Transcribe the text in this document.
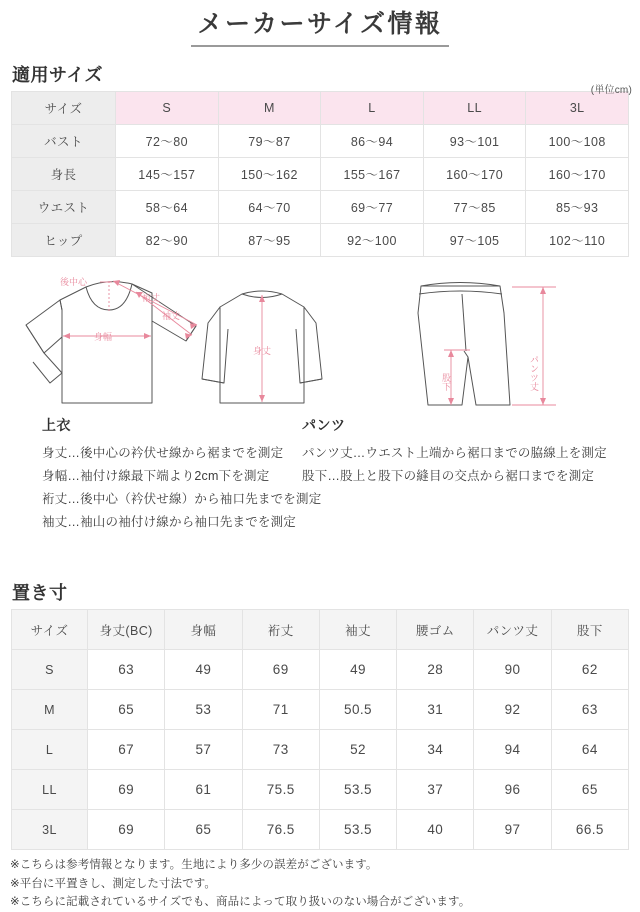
メーカーサイズ情報
適用サイズ
(単位cm)
サイズ	S	M	L	LL	3L
バスト	72〜80	79〜87	86〜94	93〜101	100〜108
身長	145〜157	150〜162	155〜167	160〜170	160〜170
ウエスト	58〜64	64〜70	69〜77	77〜85	85〜93
ヒップ	82〜90	87〜95	92〜100	97〜105	102〜110
後中心
裄丈
袖丈
身幅
身丈
パンツ丈
股下
上衣
身丈…後中心の衿伏せ線から裾までを測定
身幅…袖付け線最下端より2cm下を測定
裄丈…後中心（衿伏せ線）から袖口先までを測定
袖丈…袖山の袖付け線から袖口先までを測定
パンツ
パンツ丈…ウエスト上端から裾口までの脇線上を測定
股下…股上と股下の縫目の交点から裾口までを測定
置き寸
サイズ	身丈(BC)	身幅	裄丈	袖丈	腰ゴム	パンツ丈	股下
S	63	49	69	49	28	90	62
M	65	53	71	50.5	31	92	63
L	67	57	73	52	34	94	64
LL	69	61	75.5	53.5	37	96	65
3L	69	65	76.5	53.5	40	97	66.5
※こちらは参考情報となります。生地により多少の誤差がございます。
※平台に平置きし、測定した寸法です。
※こちらに記載されているサイズでも、商品によって取り扱いのない場合がございます。
